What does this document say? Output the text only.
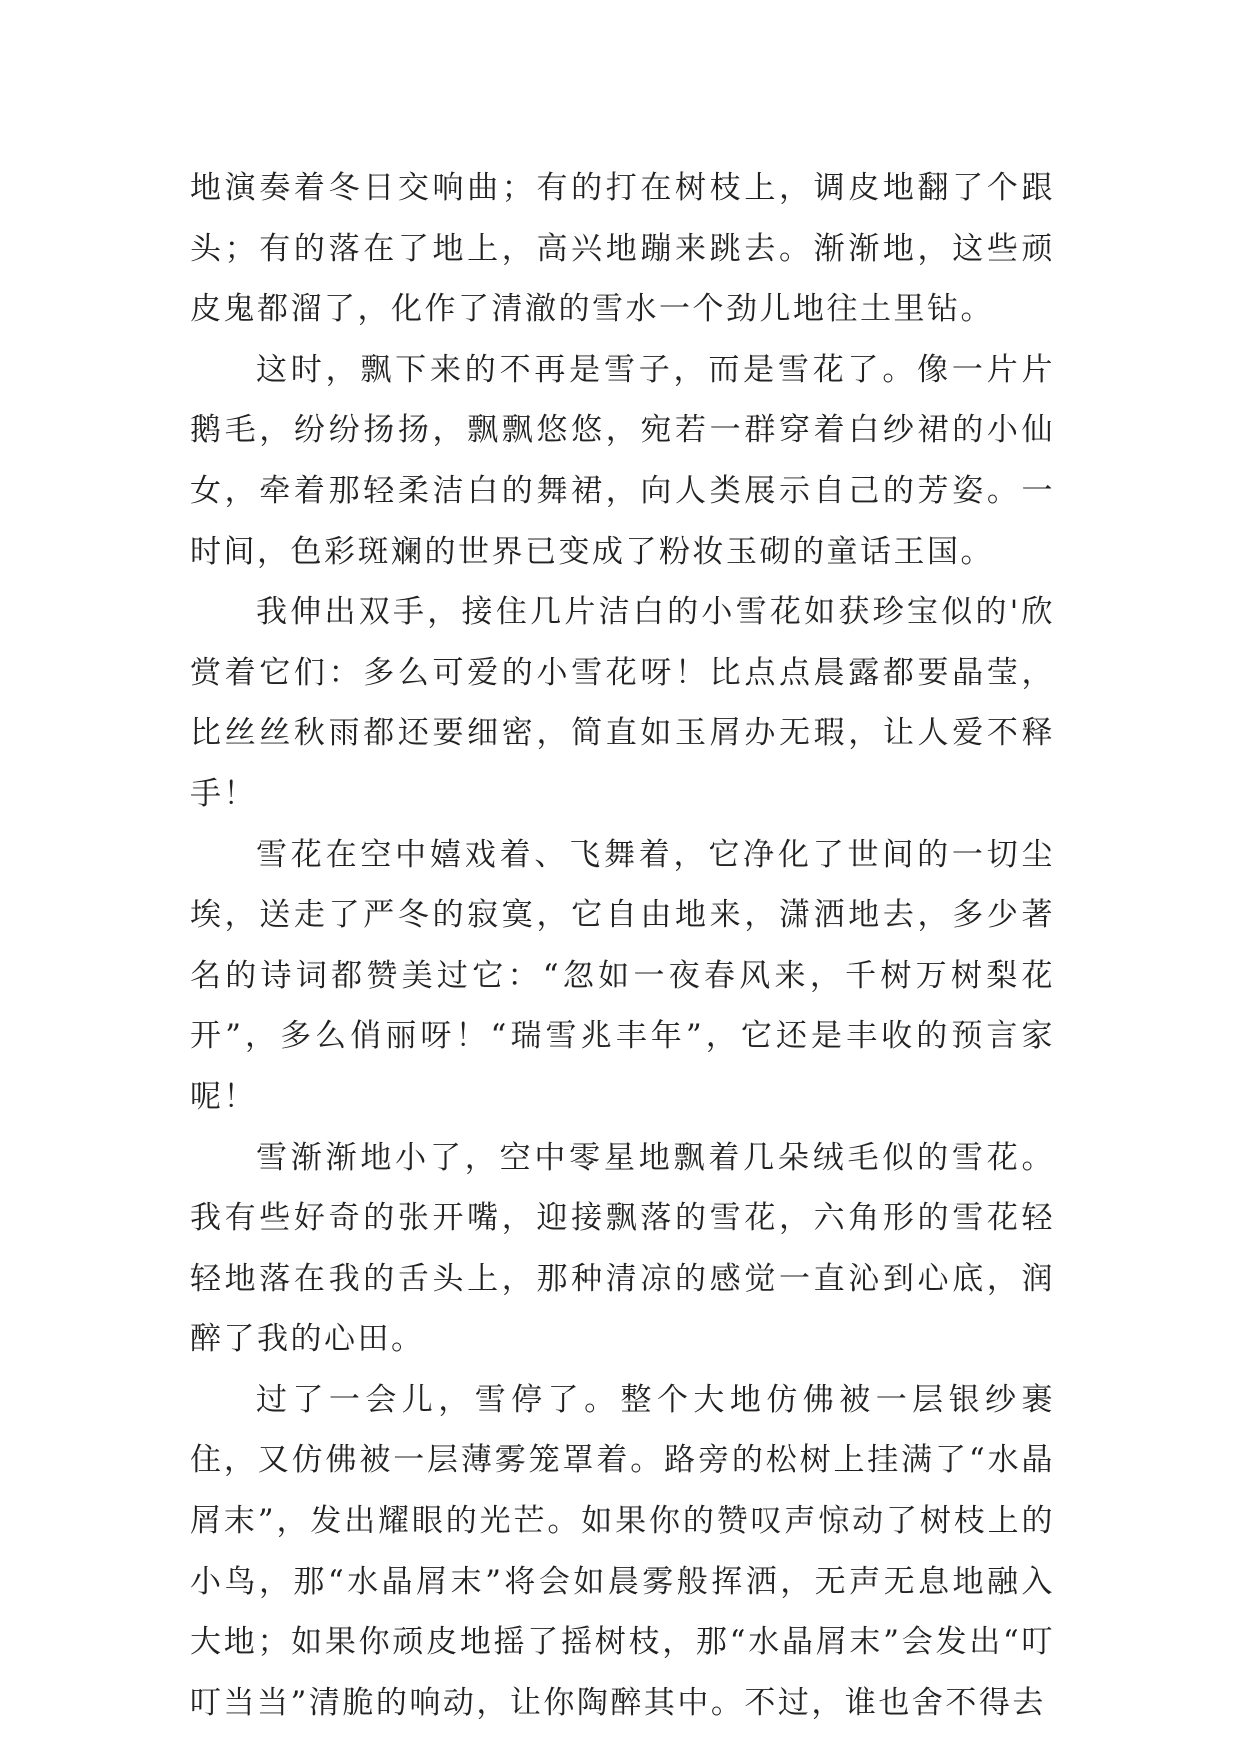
地演奏着冬日交响曲；有的打在树枝上，调皮地翻了个跟头；有的落在了地上，高兴地蹦来跳去。渐渐地，这些顽皮鬼都溜了，化作了清澈的雪水一个劲儿地往土里钻。

这时，飘下来的不再是雪子，而是雪花了。像一片片鹅毛，纷纷扬扬，飘飘悠悠，宛若一群穿着白纱裙的小仙女，牵着那轻柔洁白的舞裙，向人类展示自己的芳姿。一时间，色彩斑斓的世界已变成了粉妆玉砌的童话王国。

我伸出双手，接住几片洁白的小雪花如获珍宝似的'欣赏着它们：多么可爱的小雪花呀！比点点晨露都要晶莹，比丝丝秋雨都还要细密，简直如玉屑办无瑕，让人爱不释手！

雪花在空中嬉戏着、飞舞着，它净化了世间的一切尘埃，送走了严冬的寂寞，它自由地来，潇洒地去，多少著名的诗词都赞美过它：“忽如一夜春风来，千树万树梨花开”，多么俏丽呀！“瑞雪兆丰年”，它还是丰收的预言家呢！

雪渐渐地小了，空中零星地飘着几朵绒毛似的雪花。我有些好奇的张开嘴，迎接飘落的雪花，六角形的雪花轻轻地落在我的舌头上，那种清凉的感觉一直沁到心底，润醉了我的心田。

过了一会儿，雪停了。整个大地仿佛被一层银纱裹住，又仿佛被一层薄雾笼罩着。路旁的松树上挂满了“水晶屑末”，发出耀眼的光芒。如果你的赞叹声惊动了树枝上的小鸟，那“水晶屑末”将会如晨雾般挥洒，无声无息地融入大地；如果你顽皮地摇了摇树枝，那“水晶屑末”会发出“叮叮当当”清脆的响动，让你陶醉其中。不过，谁也舍不得去
